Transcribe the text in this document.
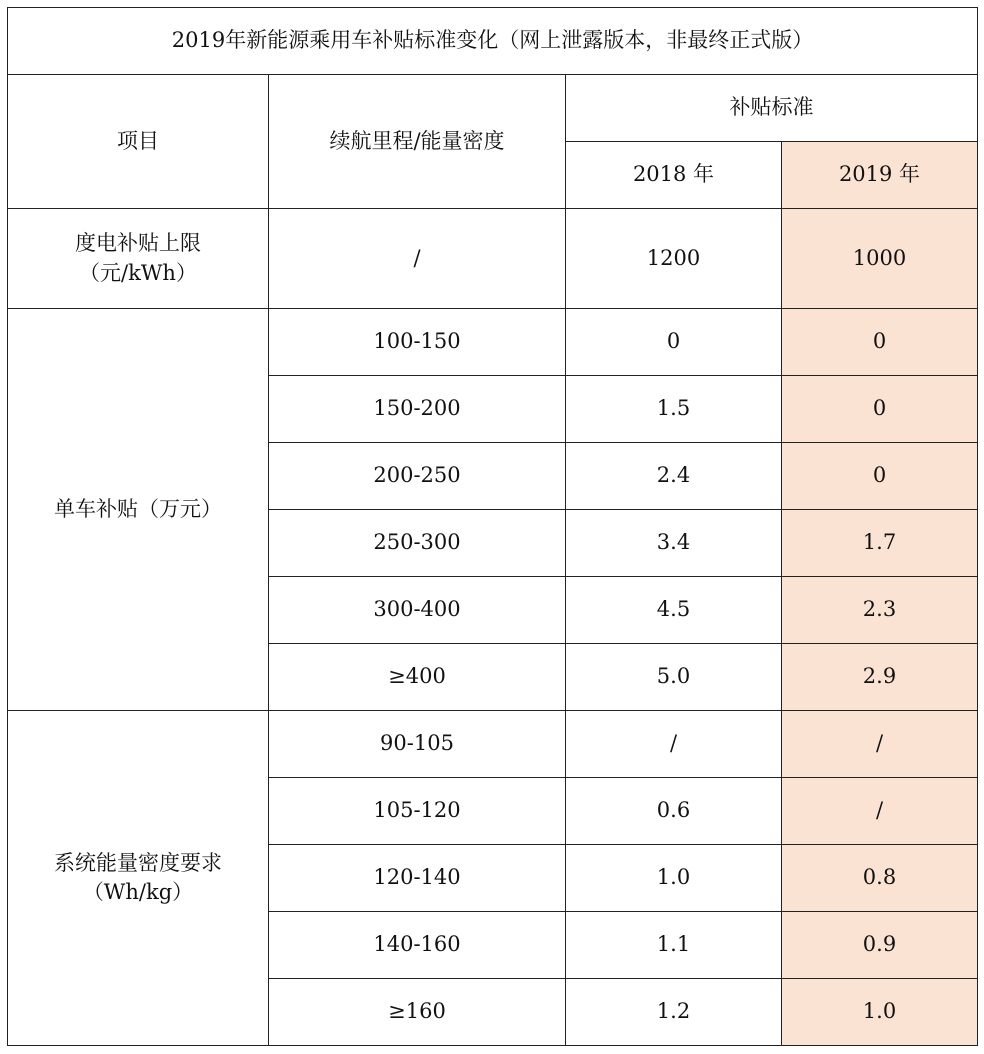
2019年新能源乘用车补贴标准变化（网上泄露版本，非最终正式版）			
项目	续航里程/能量密度	补贴标准	
		2018 年	2019 年
度电补贴上限（元/kWh）	/	1200	1000
单车补贴（万元）	100-150	0	0
	150-200	1.5	0
	200-250	2.4	0
	250-300	3.4	1.7
	300-400	4.5	2.3
	≥400	5.0	2.9
系统能量密度要求（Wh/kg）	90-105	/	/
	105-120	0.6	/
	120-140	1.0	0.8
	140-160	1.1	0.9
	≥160	1.2	1.0
